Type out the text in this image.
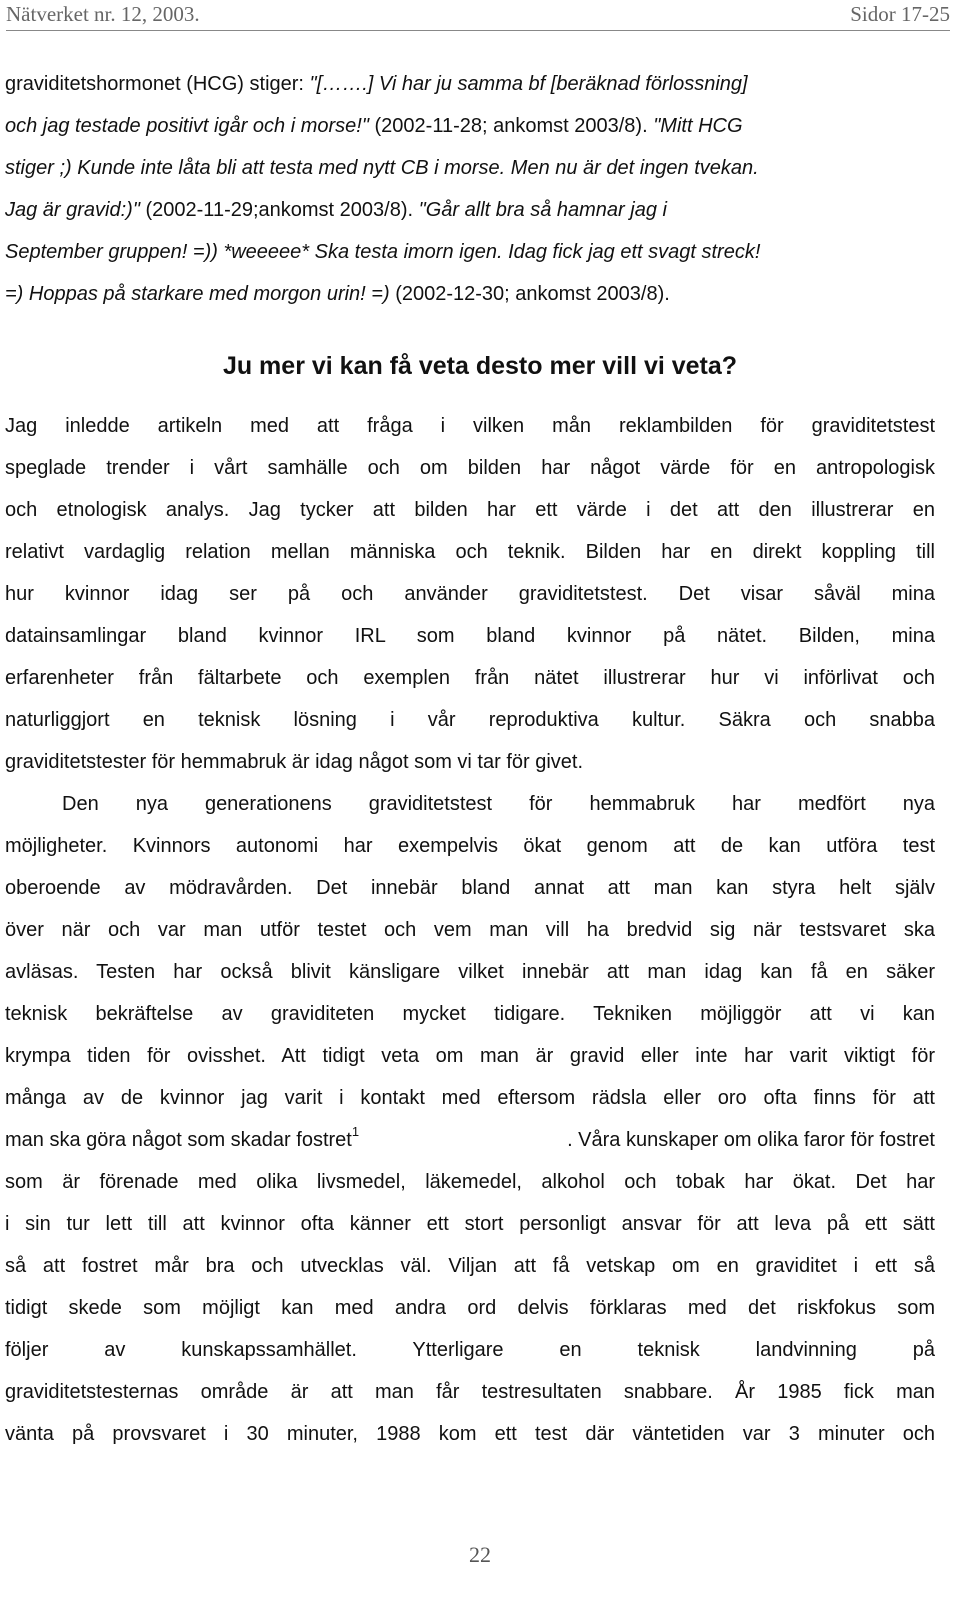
Nätverket nr. 12, 2003.	Sidor 17-25
graviditetshormonet (HCG) stiger: "[…….] Vi har ju samma bf [beräknad förlossning]
och jag testade positivt igår och i morse!" (2002-11-28; ankomst 2003/8). "Mitt HCG
stiger ;) Kunde inte låta bli att testa med nytt CB i morse. Men nu är det ingen tvekan.
Jag är gravid:)" (2002-11-29;ankomst 2003/8). "Går allt bra så hamnar jag i
September gruppen! =)) *weeeee* Ska testa imorn igen. Idag fick jag ett svagt streck!
=) Hoppas på starkare med morgon urin! =) (2002-12-30; ankomst 2003/8).
Ju mer vi kan få veta desto mer vill vi veta?
Jag inledde artikeln med att fråga i vilken mån reklambilden för graviditetstest
speglade trender i vårt samhälle och om bilden har något värde för en antropologisk
och etnologisk analys. Jag tycker att bilden har ett värde i det att den illustrerar en
relativt vardaglig relation mellan människa och teknik. Bilden har en direkt koppling till
hur kvinnor idag ser på och använder graviditetstest. Det visar såväl mina
datainsamlingar bland kvinnor IRL som bland kvinnor på nätet. Bilden, mina
erfarenheter från fältarbete och exemplen från nätet illustrerar hur vi införlivat och
naturliggjort en teknisk lösning i vår reproduktiva kultur. Säkra och snabba
graviditetstester för hemmabruk är idag något som vi tar för givet.
Den nya generationens graviditetstest för hemmabruk har medfört nya
möjligheter. Kvinnors autonomi har exempelvis ökat genom att de kan utföra test
oberoende av mödravården. Det innebär bland annat att man kan styra helt själv
över när och var man utför testet och vem man vill ha bredvid sig när testsvaret ska
avläsas. Testen har också blivit känsligare vilket innebär att man idag kan få en säker
teknisk bekräftelse av graviditeten mycket tidigare. Tekniken möjliggör att vi kan
krympa tiden för ovisshet. Att tidigt veta om man är gravid eller inte har varit viktigt för
många av de kvinnor jag varit i kontakt med eftersom rädsla eller oro ofta finns för att
man ska göra något som skadar fostret$^1$	. Våra kunskaper om olika faror för fostret
som är förenade med olika livsmedel, läkemedel, alkohol och tobak har ökat. Det har
i sin tur lett till att kvinnor ofta känner ett stort personligt ansvar för att leva på ett sätt
så att fostret mår bra och utvecklas väl. Viljan att få vetskap om en graviditet i ett så
tidigt skede som möjligt kan med andra ord delvis förklaras med det riskfokus som
följer av kunskapssamhället. Ytterligare en teknisk landvinning på
graviditetstesternas område är att man får testresultaten snabbare. År 1985 fick man
vänta på provsvaret i 30 minuter, 1988 kom ett test där väntetiden var 3 minuter och
22
